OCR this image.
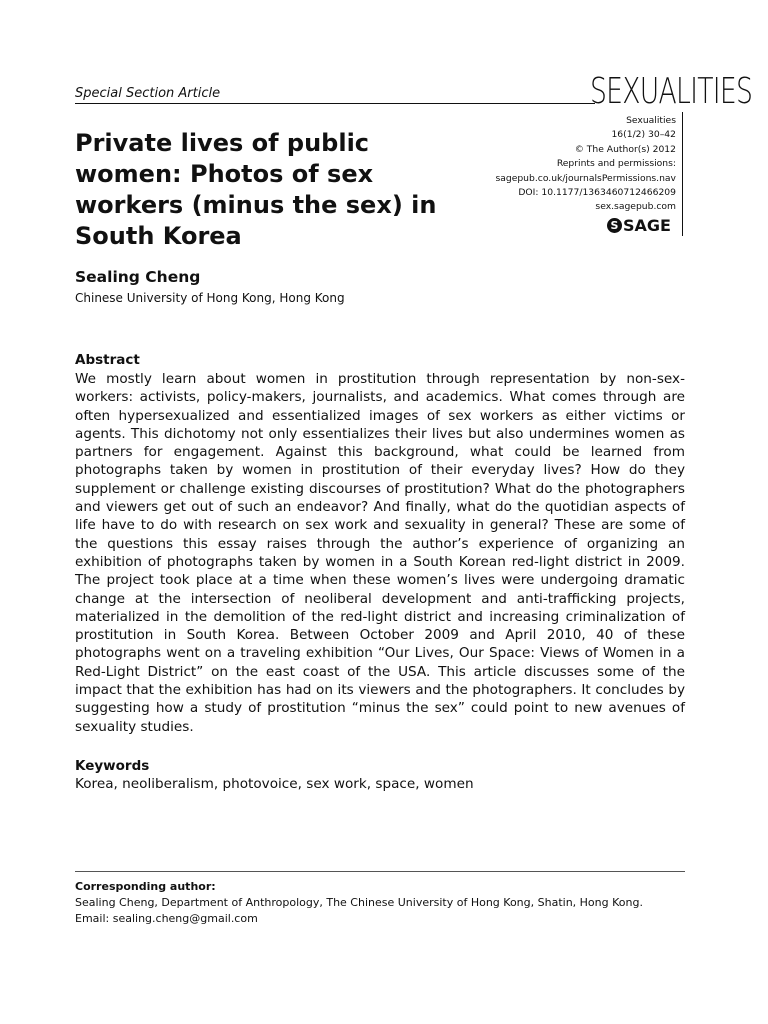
Special Section Article	SEXUALITIES
Sexualities
16(1/2) 30–42
© The Author(s) 2012
Reprints and permissions:
sagepub.co.uk/journalsPermissions.nav
DOI: 10.1177/1363460712466209
sex.sagepub.com
S SAGE
Private lives of public women: Photos of sex workers (minus the sex) in South Korea
Sealing Cheng
Chinese University of Hong Kong, Hong Kong
Abstract

We mostly learn about women in prostitution through representation by non-sex-workers: activists, policy-makers, journalists, and academics. What comes through are often hypersexualized and essentialized images of sex workers as either victims or agents. This dichotomy not only essentializes their lives but also undermines women as partners for engagement. Against this background, what could be learned from photographs taken by women in prostitution of their everyday lives? How do they supplement or challenge existing discourses of prostitution? What do the photographers and viewers get out of such an endeavor? And finally, what do the quotidian aspects of life have to do with research on sex work and sexuality in general? These are some of the questions this essay raises through the author’s experience of organizing an exhibition of photographs taken by women in a South Korean red-light district in 2009. The project took place at a time when these women’s lives were undergoing dramatic change at the intersection of neoliberal development and anti-trafficking projects, materialized in the demolition of the red-light district and increasing criminalization of prostitution in South Korea. Between October 2009 and April 2010, 40 of these photographs went on a traveling exhibition “Our Lives, Our Space: Views of Women in a Red-Light District” on the east coast of the USA. This article discusses some of the impact that the exhibition has had on its viewers and the photographers. It concludes by suggesting how a study of prostitution “minus the sex” could point to new avenues of sexuality studies.

Keywords
Korea, neoliberalism, photovoice, sex work, space, women
Corresponding author:
Sealing Cheng, Department of Anthropology, The Chinese University of Hong Kong, Shatin, Hong Kong.
Email: sealing.cheng@gmail.com
